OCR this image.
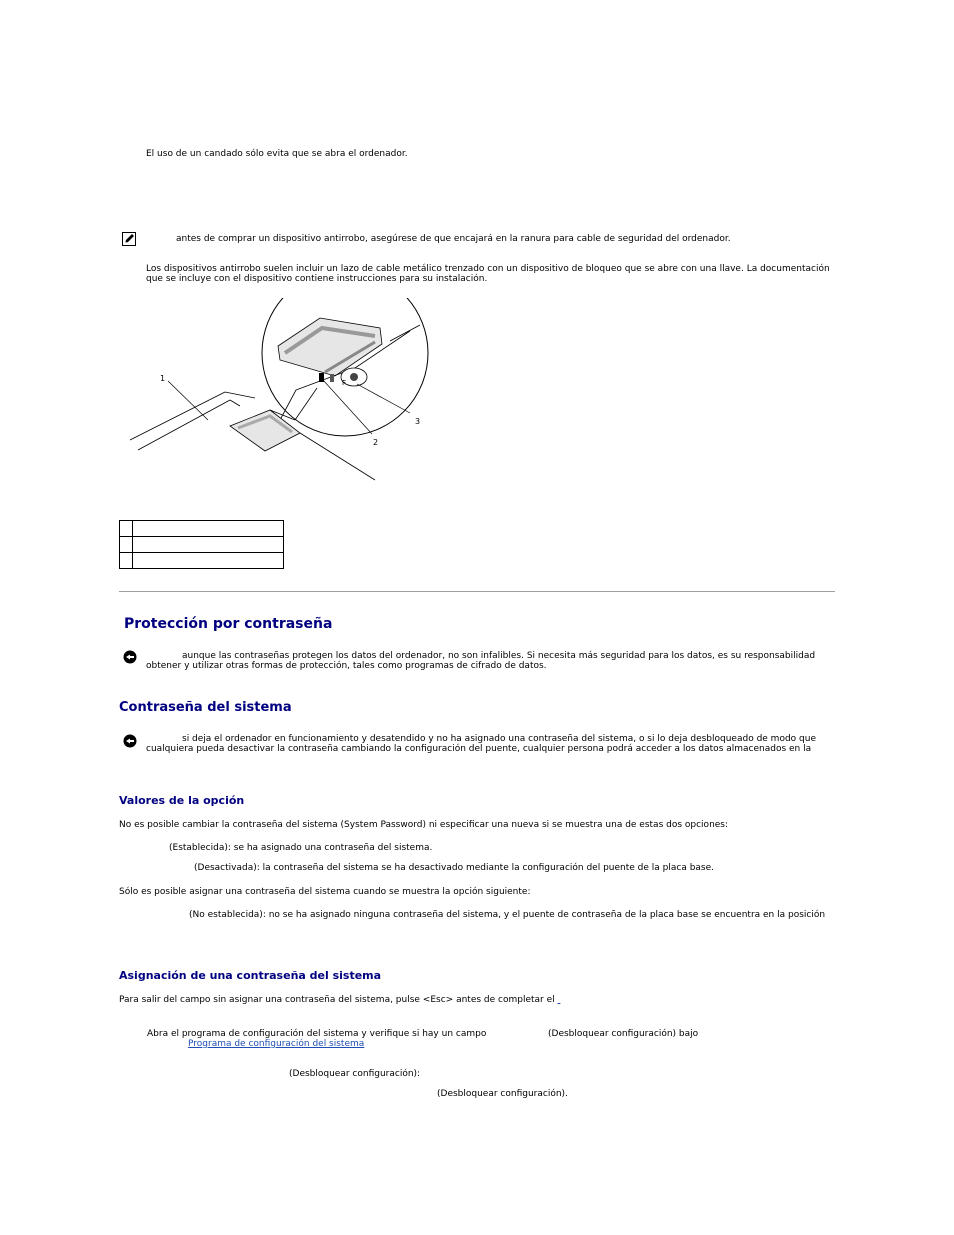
El uso de un candado sólo evita que se abra el ordenador.
antes de comprar un dispositivo antirrobo, asegúrese de que encajará en la ranura para cable de seguridad del ordenador.
Los dispositivos antirrobo suelen incluir un lazo de cable metálico trenzado con un dispositivo de bloqueo que se abre con una llave. La documentación que se incluye con el dispositivo contiene instrucciones para su instalación.
F
1
2
3

Protección por contraseña
aunque las contraseñas protegen los datos del ordenador, no son infalibles. Si necesita más seguridad para los datos, es su responsabilidad obtener y utilizar otras formas de protección, tales como programas de cifrado de datos.
Contraseña del sistema
si deja el ordenador en funcionamiento y desatendido y no ha asignado una contraseña del sistema, o si lo deja desbloqueado de modo que cualquiera pueda desactivar la contraseña cambiando la configuración del puente, cualquier persona podrá acceder a los datos almacenados en la
Valores de la opción
No es posible cambiar la contraseña del sistema (System Password) ni especificar una nueva si se muestra una de estas dos opciones:
(Establecida): se ha asignado una contraseña del sistema.
(Desactivada): la contraseña del sistema se ha desactivado mediante la configuración del puente de la placa base.
Sólo es posible asignar una contraseña del sistema cuando se muestra la opción siguiente:
(No establecida): no se ha asignado ninguna contraseña del sistema, y el puente de contraseña de la placa base se encuentra en la posición
Asignación de una contraseña del sistema
Para salir del campo sin asignar una contraseña del sistema, pulse <Esc> antes de completar el
Abra el programa de configuración del sistema y verifique si hay un campo	(Desbloquear configuración) bajo
Programa de configuración del sistema
(Desbloquear configuración):
(Desbloquear configuración).
